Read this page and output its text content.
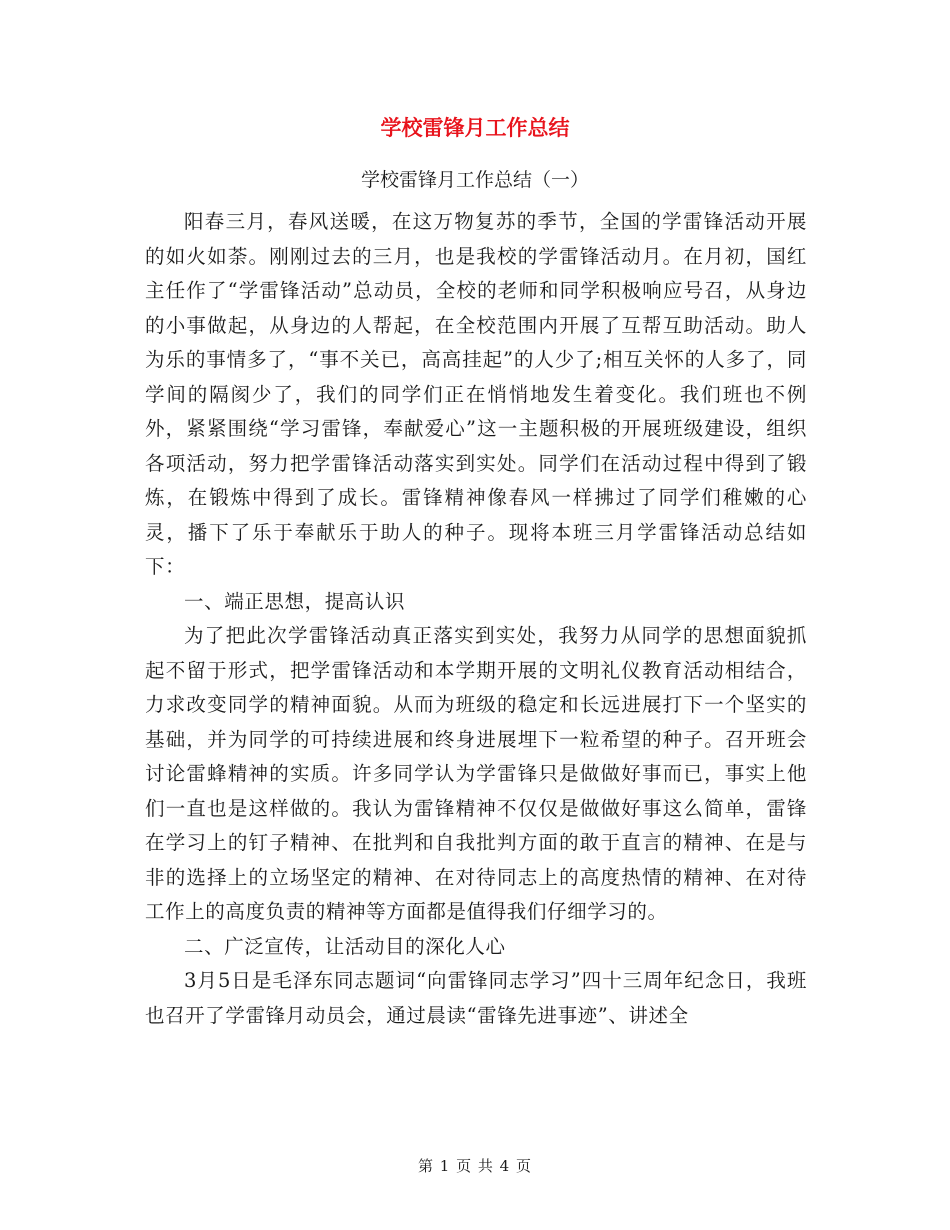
学校雷锋月工作总结

学校雷锋月工作总结（一）

阳春三月，春风送暖，在这万物复苏的季节，全国的学雷锋活动开展的如火如荼。刚刚过去的三月，也是我校的学雷锋活动月。在月初，国红主任作了“学雷锋活动”总动员，全校的老师和同学积极响应号召，从身边的小事做起，从身边的人帮起，在全校范围内开展了互帮互助活动。助人为乐的事情多了，“事不关已，高高挂起”的人少了;相互关怀的人多了，同学间的隔阂少了，我们的同学们正在悄悄地发生着变化。我们班也不例外，紧紧围绕“学习雷锋，奉献爱心”这一主题积极的开展班级建设，组织各项活动，努力把学雷锋活动落实到实处。同学们在活动过程中得到了锻炼，在锻炼中得到了成长。雷锋精神像春风一样拂过了同学们稚嫩的心灵，播下了乐于奉献乐于助人的种子。现将本班三月学雷锋活动总结如下：

一、端正思想，提高认识

为了把此次学雷锋活动真正落实到实处，我努力从同学的思想面貌抓起不留于形式，把学雷锋活动和本学期开展的文明礼仪教育活动相结合，力求改变同学的精神面貌。从而为班级的稳定和长远进展打下一个坚实的基础，并为同学的可持续进展和终身进展埋下一粒希望的种子。召开班会讨论雷蜂精神的实质。许多同学认为学雷锋只是做做好事而已，事实上他们一直也是这样做的。我认为雷锋精神不仅仅是做做好事这么简单，雷锋在学习上的钉子精神、在批判和自我批判方面的敢于直言的精神、在是与非的选择上的立场坚定的精神、在对待同志上的高度热情的精神、在对待工作上的高度负责的精神等方面都是值得我们仔细学习的。

二、广泛宣传，让活动目的深化人心

3月5日是毛泽东同志题词“向雷锋同志学习”四十三周年纪念日，我班也召开了学雷锋月动员会，通过晨读“雷锋先进事迹”、讲述全

第 1 页 共 4 页
